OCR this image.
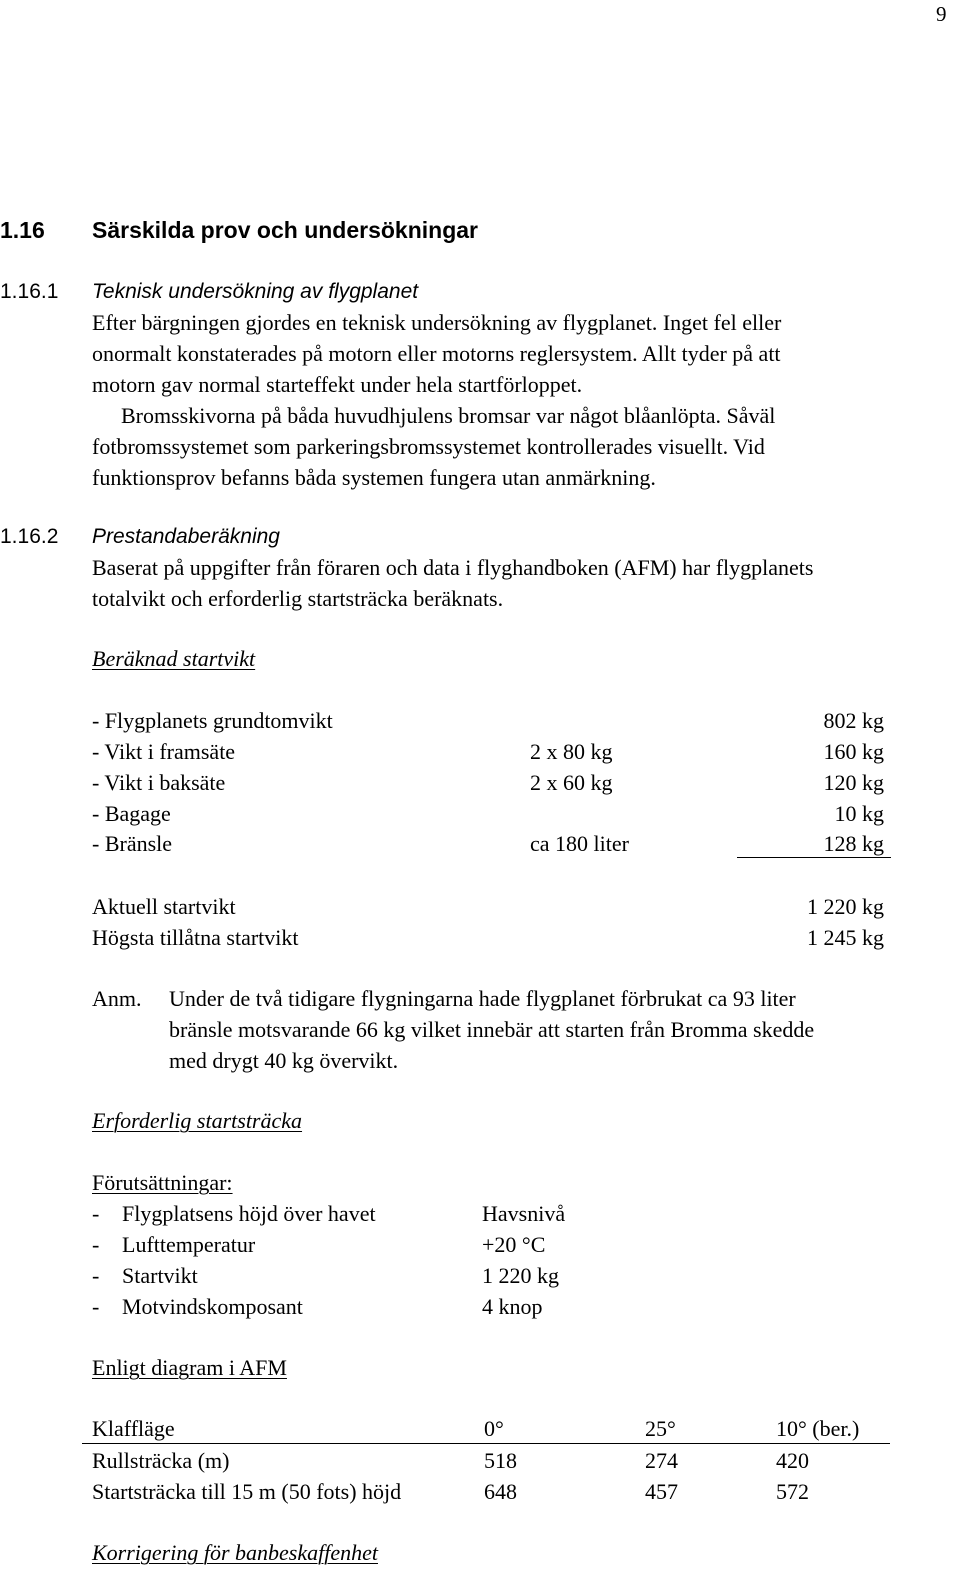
9
1.16 Särskilda prov och undersökningar
1.16.1 Teknisk undersökning av flygplanet
Efter bärgningen gjordes en teknisk undersökning av flygplanet. Inget fel eller
onormalt konstaterades på motorn eller motorns reglersystem. Allt tyder på att
motorn gav normal starteffekt under hela startförloppet.
Bromsskivorna på båda huvudhjulens bromsar var något blåanlöpta. Såväl
fotbromssystemet som parkeringsbromssystemet kontrollerades visuellt. Vid
funktionsprov befanns båda systemen fungera utan anmärkning.
1.16.2 Prestandaberäkning
Baserat på uppgifter från föraren och data i flyghandboken (AFM) har flygplanets
totalvikt och erforderlig startsträcka beräknats.
Beräknad startvikt
- Flygplanets grundtomvikt	802 kg
- Vikt i framsäte	2 x 80 kg	160 kg
- Vikt i baksäte	2 x 60 kg	120 kg
- Bagage	10 kg
- Bränsle	ca 180 liter	128 kg
Aktuell startvikt	1 220 kg
Högsta tillåtna startvikt	1 245 kg
Anm. Under de två tidigare flygningarna hade flygplanet förbrukat ca 93 liter
bränsle motsvarande 66 kg vilket innebär att starten från Bromma skedde
med drygt 40 kg övervikt.
Erforderlig startsträcka
Förutsättningar:
- Flygplatsens höjd över havet	Havsnivå
- Lufttemperatur	+20 °C
- Startvikt	1 220 kg
- Motvindskomposant	4 knop
Enligt diagram i AFM
Klaffläge	0°	25°	10° (ber.)
Rullsträcka (m)	518	274	420
Startsträcka till 15 m (50 fots) höjd	648	457	572
Korrigering för banbeskaffenhet
